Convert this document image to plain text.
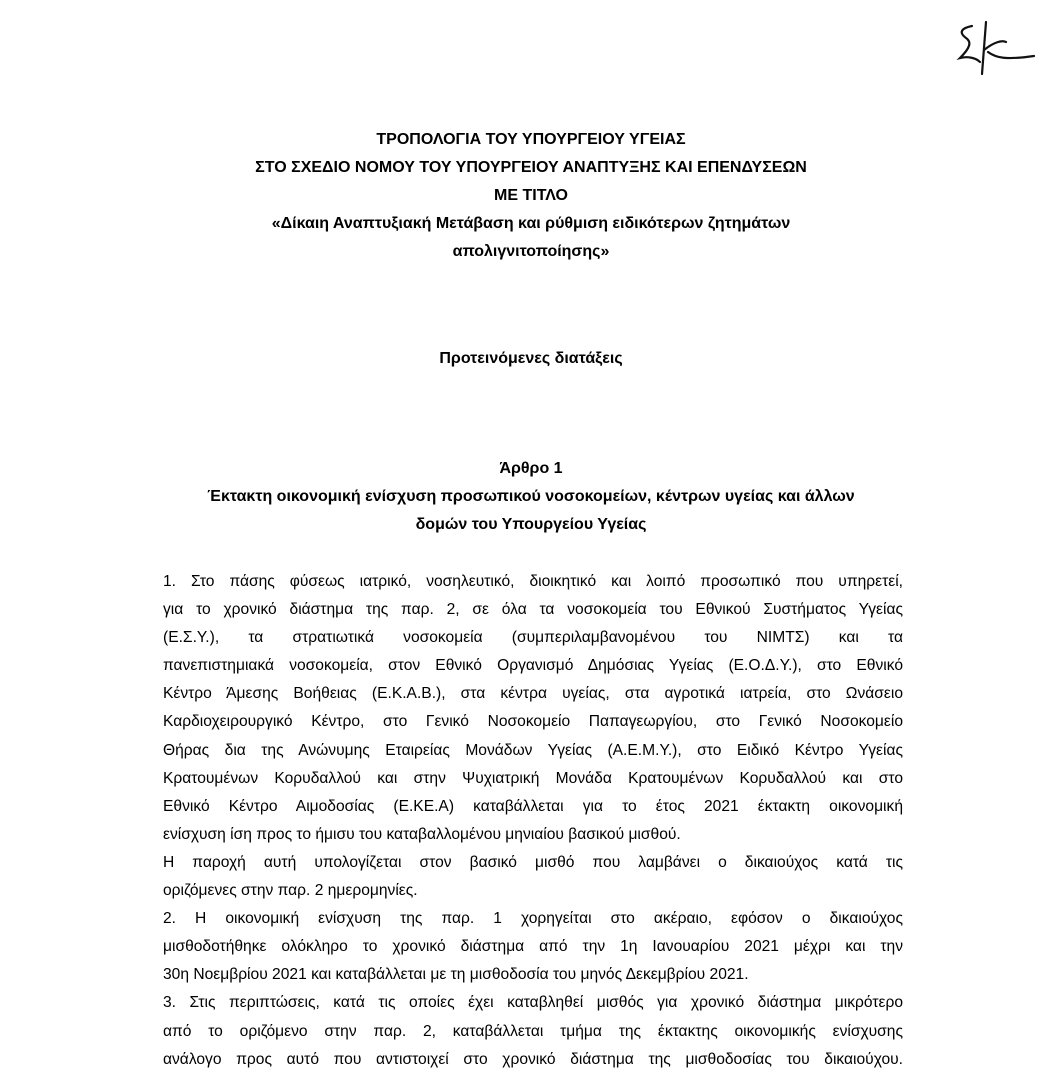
ΤΡΟΠΟΛΟΓΙΑ ΤΟΥ ΥΠΟΥΡΓΕΙΟΥ ΥΓΕΙΑΣ
ΣΤΟ ΣΧΕΔΙΟ ΝΟΜΟΥ ΤΟΥ ΥΠΟΥΡΓΕΙΟΥ ΑΝΑΠΤΥΞΗΣ ΚΑΙ ΕΠΕΝΔΥΣΕΩΝ
ΜΕ ΤΙΤΛΟ
«Δίκαιη Αναπτυξιακή Μετάβαση και ρύθμιση ειδικότερων ζητημάτων
απολιγνιτοποίησης»
Προτεινόμενες διατάξεις
Άρθρο 1
Έκτακτη οικονομική ενίσχυση προσωπικού νοσοκομείων, κέντρων υγείας και άλλων
δομών του Υπουργείου Υγείας
1. Στο πάσης φύσεως ιατρικό, νοσηλευτικό, διοικητικό και λοιπό προσωπικό που υπηρετεί,
για το χρονικό διάστημα της παρ. 2, σε όλα τα νοσοκομεία του Εθνικού Συστήματος Υγείας
(Ε.Σ.Υ.), τα στρατιωτικά νοσοκομεία (συμπεριλαμβανομένου του ΝΙΜΤΣ) και τα
πανεπιστημιακά νοσοκομεία, στον Εθνικό Οργανισμό Δημόσιας Υγείας (Ε.Ο.Δ.Υ.), στο Εθνικό
Κέντρο Άμεσης Βοήθειας (Ε.Κ.Α.Β.), στα κέντρα υγείας, στα αγροτικά ιατρεία, στο Ωνάσειο
Καρδιοχειρουργικό Κέντρο, στο Γενικό Νοσοκομείο Παπαγεωργίου, στο Γενικό Νοσοκομείο
Θήρας δια της Ανώνυμης Εταιρείας Μονάδων Υγείας (Α.Ε.Μ.Υ.), στο Ειδικό Κέντρο Υγείας
Κρατουμένων Κορυδαλλού και στην Ψυχιατρική Μονάδα Κρατουμένων Κορυδαλλού και στο
Εθνικό Κέντρο Αιμοδοσίας (Ε.ΚΕ.Α) καταβάλλεται για το έτος 2021 έκτακτη οικονομική
ενίσχυση ίση προς το ήμισυ του καταβαλλομένου μηνιαίου βασικού μισθού.
Η παροχή αυτή υπολογίζεται στον βασικό μισθό που λαμβάνει ο δικαιούχος κατά τις
οριζόμενες στην παρ. 2 ημερομηνίες.
2. Η οικονομική ενίσχυση της παρ. 1 χορηγείται στο ακέραιο, εφόσον ο δικαιούχος
μισθοδοτήθηκε ολόκληρο το χρονικό διάστημα από την 1η Ιανουαρίου 2021 μέχρι και την
30η Νοεμβρίου 2021 και καταβάλλεται με τη μισθοδοσία του μηνός Δεκεμβρίου 2021.
3. Στις περιπτώσεις, κατά τις οποίες έχει καταβληθεί μισθός για χρονικό διάστημα μικρότερο
από το οριζόμενο στην παρ. 2, καταβάλλεται τμήμα της έκτακτης οικονομικής ενίσχυσης
ανάλογο προς αυτό που αντιστοιχεί στο χρονικό διάστημα της μισθοδοσίας του δικαιούχου.
